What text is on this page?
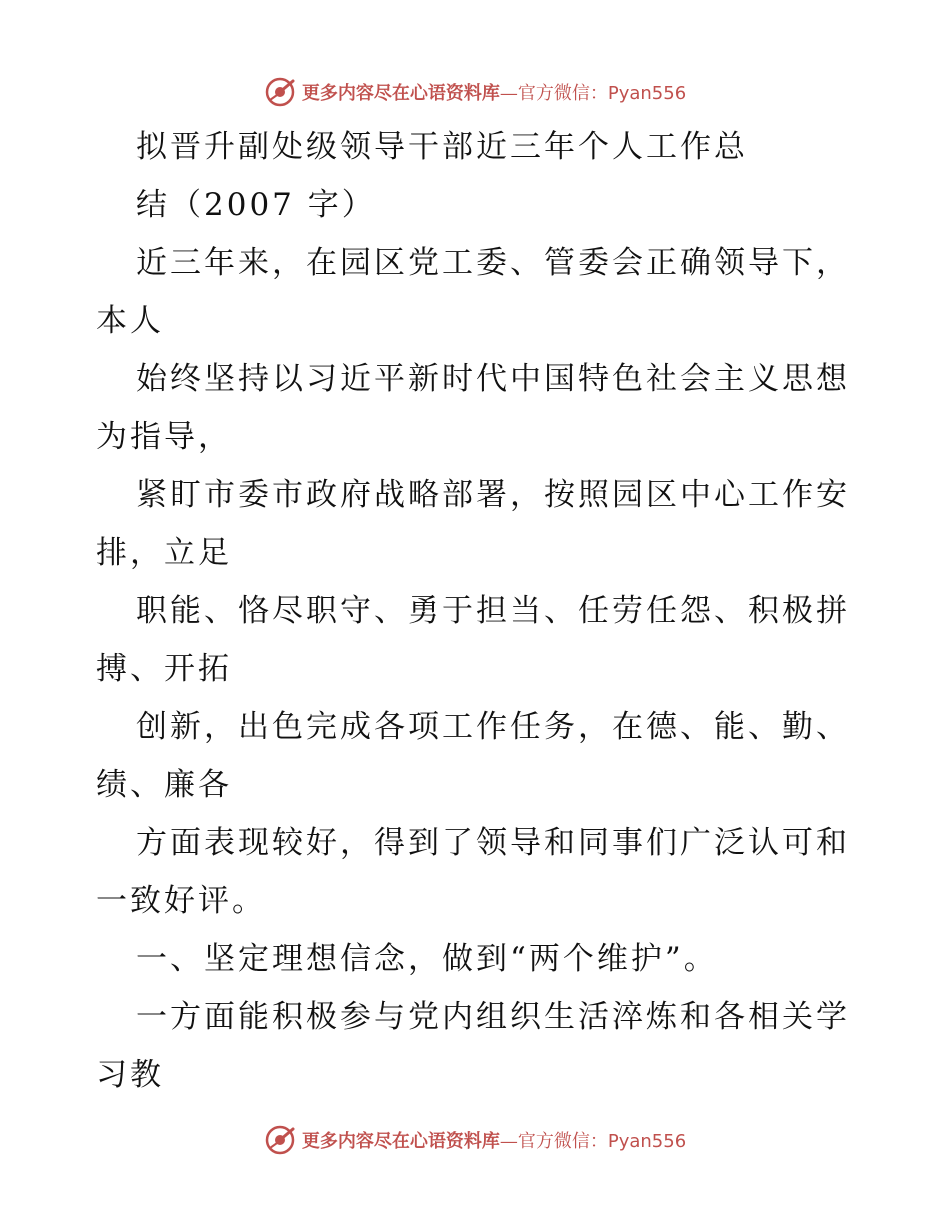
更多内容尽在心语资料库—官方微信：Pyan556
拟晋升副处级领导干部近三年个人工作总
结（2007 字）
近三年来，在园区党工委、管委会正确领导下，
本人
始终坚持以习近平新时代中国特色社会主义思想
为指导，
紧盯市委市政府战略部署，按照园区中心工作安
排，立足
职能、恪尽职守、勇于担当、任劳任怨、积极拼
搏、开拓
创新，出色完成各项工作任务，在德、能、勤、
绩、廉各
方面表现较好，得到了领导和同事们广泛认可和
一致好评。
一、坚定理想信念，做到“两个维护”。
一方面能积极参与党内组织生活淬炼和各相关学
习教
更多内容尽在心语资料库—官方微信：Pyan556
